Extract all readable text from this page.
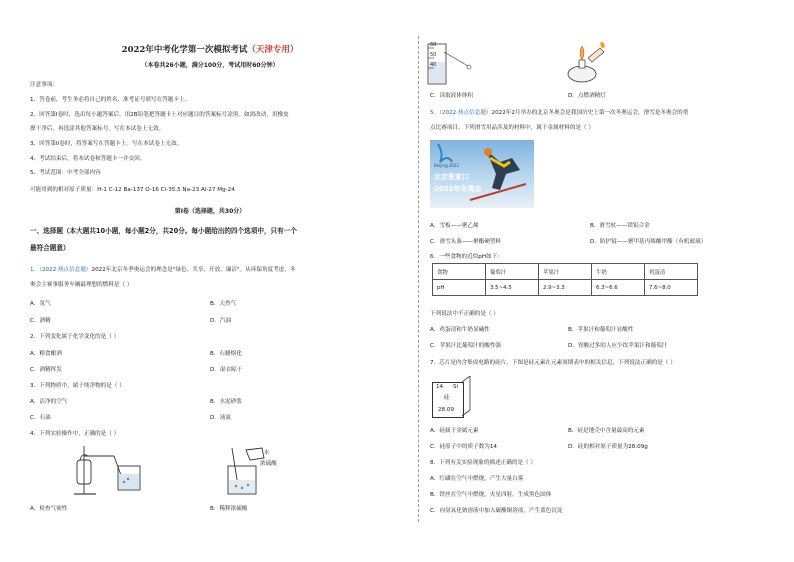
2022年中考化学第一次模拟考试（天津专用）
（本卷共26小题，满分100分，考试用时60分钟）
注意事项：
1、答卷前，考生务必将自己的姓名、准考证号填写在答题卡上。
2、回答第I卷时，选出每小题答案后，用2B铅笔把答题卡上对应题目的答案标号涂黑。如需改动，用橡皮
擦干净后，再选涂其他答案标号。写在本试卷上无效。
3、回答第II卷时，将答案写在答题卡上。写在本试卷上无效。
4、考试结束后，将本试卷和答题卡一并交回。
5、考试范围：中考全部内容
可能用到的相对原子质量：H-1 C-12 Ba-137 O-16 Cl-35.5 Na-23 Al-27 Mg-24
第I卷（选择题，共30分）
一、选择题（本大题共10小题，每小题2分，共20分。每小题给出的四个选项中，只有一个
最符合题意）
1．（2022·热点信息题）2022年北京冬季奥运会的理念是"绿色、共享、开放、廉洁"。从环保角度考虑，冬
奥会主赛事服务车辆最理想的燃料是（ ）
A．氢气	B．天然气
C．酒精	D．汽油
2．下列变化属于化学变化的是（ ）
A．粮食酿酒	B．石蜡熔化
C．酒精挥发	D．湿衣晾干
3．下列物质中，属于纯净物的是（ ）
A．洁净的空气	B．水泥砂浆
C．石油	D．液氮
4．下列实验操作中，正确的是（ ）
水
浓硫酸
A．检查气密性	B．稀释浓硫酸
60
50
40
C．读取液体体积	D．点燃酒精灯
5．（2022·热点信息题）2022年2月举办的北京冬奥会是我国历史上第一次冬奥运会，滑雪是冬奥会的重
点比赛项目。下列滑雪用品涉及的材料中，属于金属材料的是（ ）
Beijing 2022
北京张家口
2022年冬奥会
A．雪板——聚乙烯	B．滑雪杖——镁铝合金
C．滑雪头盔——聚酯硬塑料	D．防护镜——聚甲基丙烯酸甲酯（有机玻璃）
6．一些食物的近似pH如下：
食物	葡萄汁	苹果汁	牛奶	鸡蛋清
pH	3.5~4.5	2.9~3.3	6.3~6.6	7.6~8.0
下列说法中不正确的是（ ）
A．鸡蛋清和牛奶显碱性	B．苹果汁和葡萄汁显酸性
C．苹果汁比葡萄汁的酸性强	D．胃酸过多的人应少饮苹果汁和葡萄汁
7．芯片是内含集成电路的硅片，下图是硅元素在元素周期表中的相关信息，下列说法正确的是（ ）
14 Si
硅
28.09
A．硅属于金属元素	B．硅是地壳中含量最高的元素
C．硅原子中的质子数为14	D．硅的相对原子质量为28.09g
8．下列有关实验现象的描述正确的是（ ）
A．红磷在空气中燃烧，产生大量白雾
B．铁丝在空气中燃烧，火星四射，生成黑色固体
C．向氢氧化钠溶液中加入硫酸铜溶液，产生蓝色沉淀
